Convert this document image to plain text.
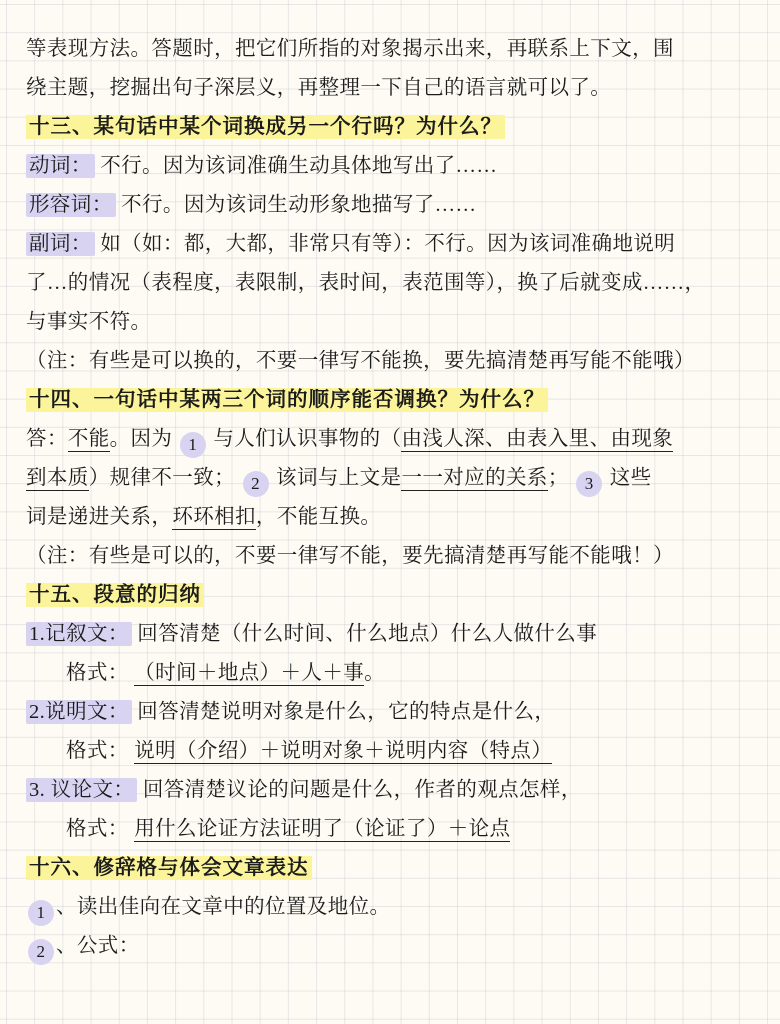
等表现方法。答题时，把它们所指的对象揭示出来，再联系上下文，围
绕主题，挖掘出句子深层义，再整理一下自己的语言就可以了。
十三、某句话中某个词换成另一个行吗？为什么？
动词： 不行。因为该词准确生动具体地写出了……
形容词： 不行。因为该词生动形象地描写了……
副词： 如（如：都，大都，非常只有等）：不行。因为该词准确地说明
了…的情况（表程度，表限制，表时间，表范围等），换了后就变成……，
与事实不符。
（注：有些是可以换的，不要一律写不能换，要先搞清楚再写能不能哦）
十四、一句话中某两三个词的顺序能否调换？为什么？
答：不能。因为 1 与人们认识事物的（由浅人深、由表入里、由现象
到本质）规律不一致； 2 该词与上文是一一对应的关系； 3 这些
词是递进关系，环环相扣，不能互换。
（注：有些是可以的，不要一律写不能，要先搞清楚再写能不能哦！）
十五、段意的归纳
1.记叙文： 回答清楚（什么时间、什么地点）什么人做什么事
格式： （时间＋地点）＋人＋事。
2.说明文： 回答清楚说明对象是什么，它的特点是什么，
格式： 说明（介绍）＋说明对象＋说明内容（特点）
3. 议论文： 回答清楚议论的问题是什么，作者的观点怎样，
格式： 用什么论证方法证明了（论证了）＋论点
十六、修辞格与体会文章表达
1 、读出佳向在文章中的位置及地位。
2 、公式：
